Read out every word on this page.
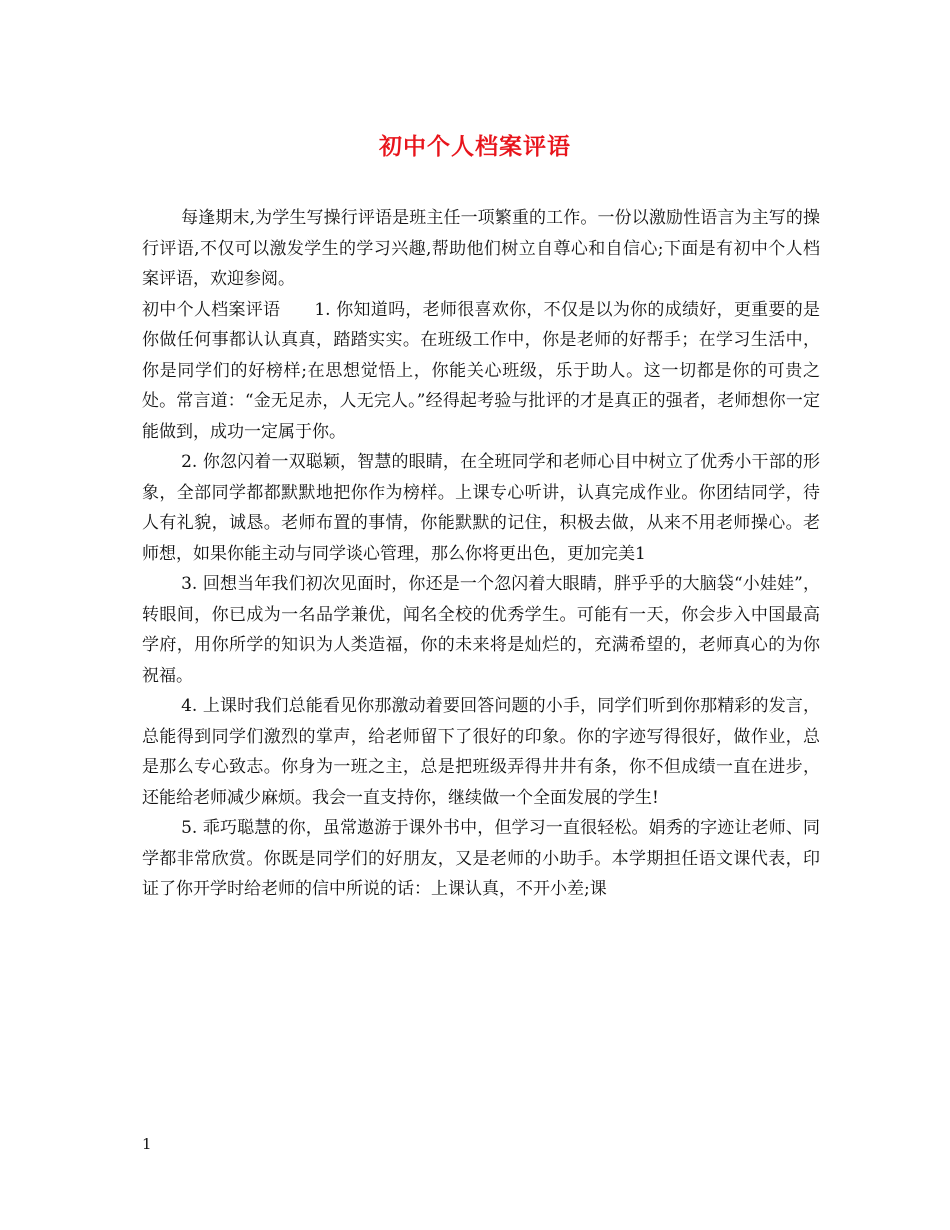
初中个人档案评语

每逢期末,为学生写操行评语是班主任一项繁重的工作。一份以激励性语言为主写的操行评语,不仅可以激发学生的学习兴趣,帮助他们树立自尊心和自信心;下面是有初中个人档案评语，欢迎参阅。

初中个人档案评语 1. 你知道吗，老师很喜欢你，不仅是以为你的成绩好，更重要的是你做任何事都认认真真，踏踏实实。在班级工作中，你是老师的好帮手；在学习生活中，你是同学们的好榜样;在思想觉悟上，你能关心班级，乐于助人。这一切都是你的可贵之处。常言道：“金无足赤，人无完人。”经得起考验与批评的才是真正的强者，老师想你一定能做到，成功一定属于你。

2. 你忽闪着一双聪颖，智慧的眼睛，在全班同学和老师心目中树立了优秀小干部的形象，全部同学都都默默地把你作为榜样。上课专心听讲，认真完成作业。你团结同学，待人有礼貌，诚恳。老师布置的事情，你能默默的记住，积极去做，从来不用老师操心。老师想，如果你能主动与同学谈心管理，那么你将更出色，更加完美1

3. 回想当年我们初次见面时，你还是一个忽闪着大眼睛，胖乎乎的大脑袋“小娃娃”，转眼间，你已成为一名品学兼优，闻名全校的优秀学生。可能有一天，你会步入中国最高学府，用你所学的知识为人类造福，你的未来将是灿烂的，充满希望的，老师真心的为你祝福。

4. 上课时我们总能看见你那激动着要回答问题的小手，同学们听到你那精彩的发言，总能得到同学们激烈的掌声，给老师留下了很好的印象。你的字迹写得很好，做作业，总是那么专心致志。你身为一班之主，总是把班级弄得井井有条，你不但成绩一直在进步，还能给老师减少麻烦。我会一直支持你，继续做一个全面发展的学生!

5. 乖巧聪慧的你，虽常遨游于课外书中，但学习一直很轻松。娟秀的字迹让老师、同学都非常欣赏。你既是同学们的好朋友，又是老师的小助手。本学期担任语文课代表，印证了你开学时给老师的信中所说的话：上课认真，不开小差;课

1
